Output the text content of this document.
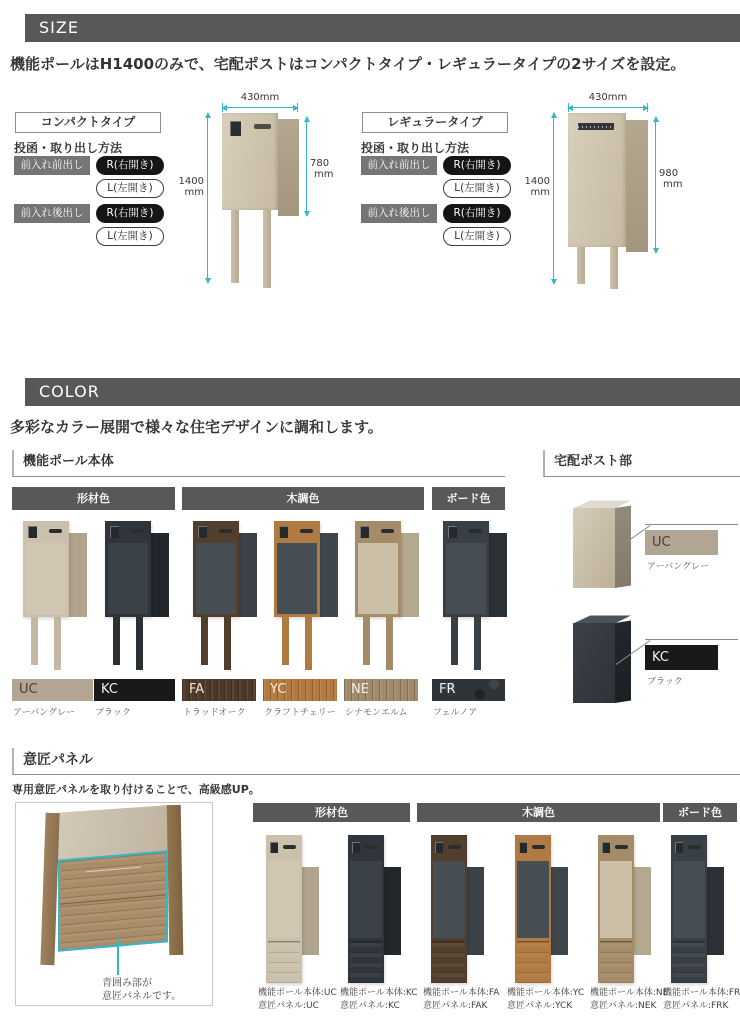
SIZE
機能ポールはH1400のみで、宅配ポストはコンパクトタイプ・レギュラータイプの2サイズを設定。
コンパクトタイプ
投函・取り出し方法
前入れ前出し	R(右開き)
L(左開き)
前入れ後出し	R(右開き)
L(左開き)
430mm
1400
mm
780
mm
レギュラータイプ
投函・取り出し方法
前入れ前出し	R(右開き)
L(左開き)
前入れ後出し	R(右開き)
L(左開き)
430mm
1400
mm
980
mm
COLOR
多彩なカラー展開で様々な住宅デザインに調和します。
機能ポール本体	宅配ポスト部
形材色	木調色	ボード色
UC
アーバングレー
KC
ブラック
FA
トラッドオーク
YC
クラフトチェリー
NE
シナモンエルム
FR
フェルノア
UC
アーバングレー
KC
ブラック
意匠パネル
専用意匠パネルを取り付けることで、高級感UP。
青囲み部が
意匠パネルです。
形材色	木調色	ボード色
機能ポール本体:UC
意匠パネル:UC
機能ポール本体:KC
意匠パネル:KC
機能ポール本体:FA
意匠パネル:FAK
機能ポール本体:YC
意匠パネル:YCK
機能ポール本体:NE
意匠パネル:NEK
機能ポール本体:FR
意匠パネル:FRK
